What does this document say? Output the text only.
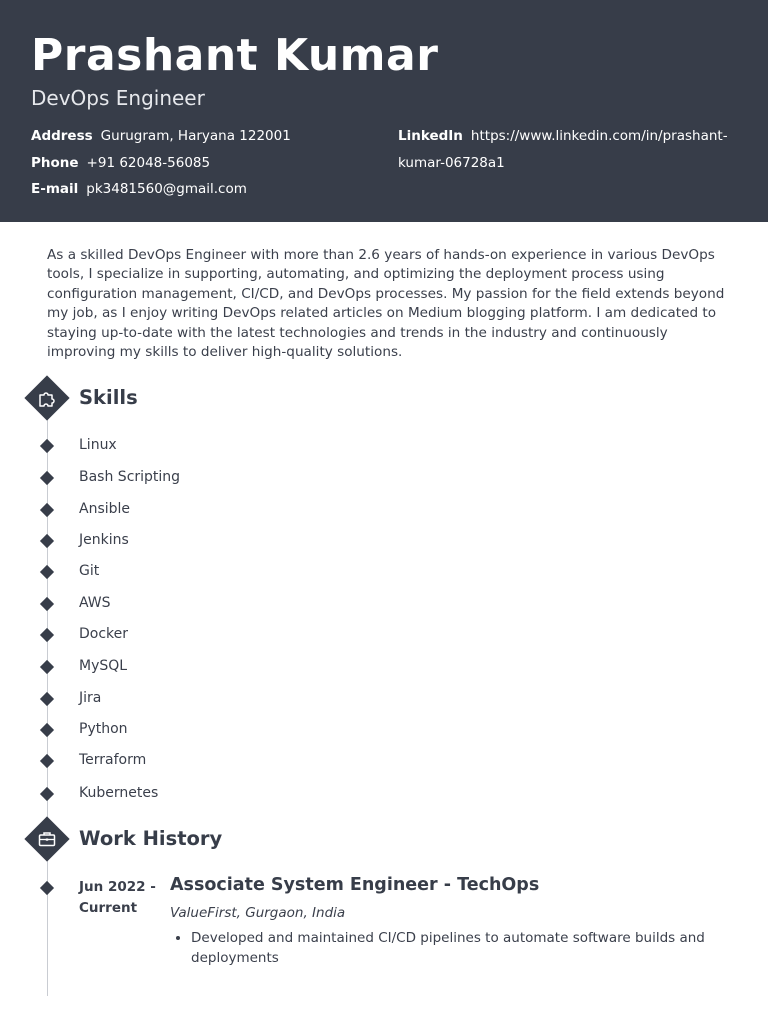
Prashant Kumar
DevOps Engineer
Address Gurugram, Haryana 122001
Phone +91 62048-56085
E-mail pk3481560@gmail.com
LinkedIn https://www.linkedin.com/in/prashant-kumar-06728a1

As a skilled DevOps Engineer with more than 2.6 years of hands-on experience in various DevOps tools, I specialize in supporting, automating, and optimizing the deployment process using configuration management, CI/CD, and DevOps processes. My passion for the field extends beyond my job, as I enjoy writing DevOps related articles on Medium blogging platform. I am dedicated to staying up-to-date with the latest technologies and trends in the industry and continuously improving my skills to deliver high-quality solutions.

Skills
Linux
Bash Scripting
Ansible
Jenkins
Git
AWS
Docker
MySQL
Jira
Python
Terraform
Kubernetes
Work History
Jun 2022 -
Current
Associate System Engineer - TechOps
ValueFirst, Gurgaon, India
• Developed and maintained CI/CD pipelines to automate software builds and deployments
